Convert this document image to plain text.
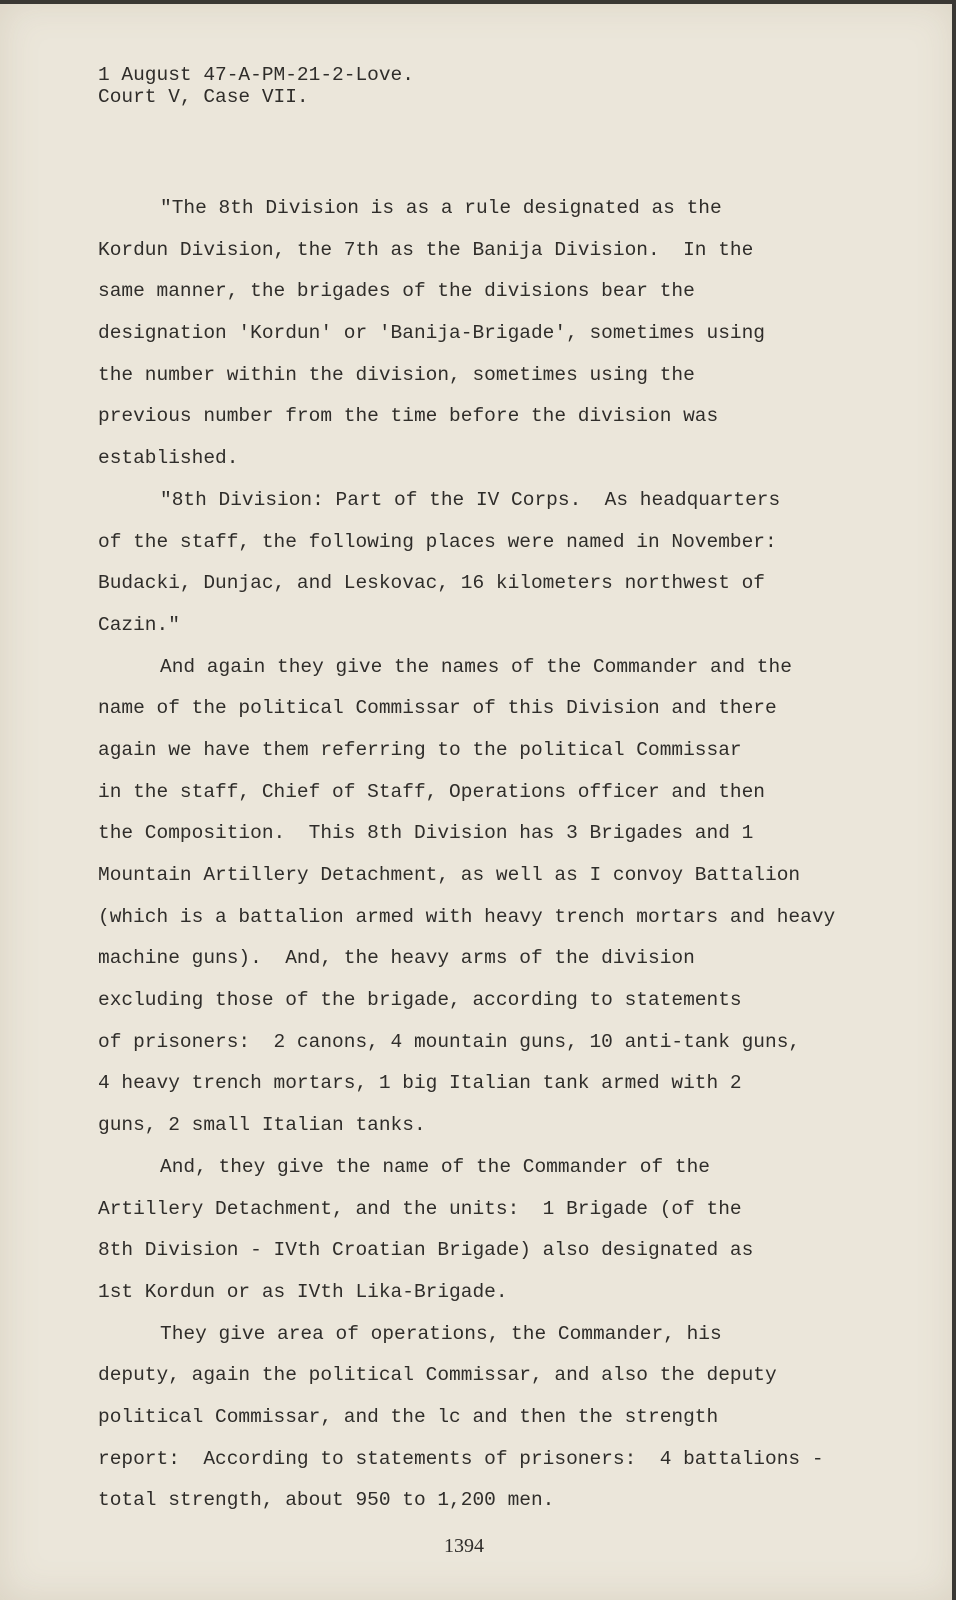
1 August 47-A-PM-21-2-Love.
Court V, Case VII.
"The 8th Division is as a rule designated as the
Kordun Division, the 7th as the Banija Division.  In the
same manner, the brigades of the divisions bear the
designation 'Kordun' or 'Banija-Brigade', sometimes using
the number within the division, sometimes using the
previous number from the time before the division was
established.
"8th Division: Part of the IV Corps.  As headquarters
of the staff, the following places were named in November:
Budacki, Dunjac, and Leskovac, 16 kilometers northwest of
Cazin."
And again they give the names of the Commander and the
name of the political Commissar of this Division and there
again we have them referring to the political Commissar
in the staff, Chief of Staff, Operations officer and then
the Composition.  This 8th Division has 3 Brigades and 1
Mountain Artillery Detachment, as well as I convoy Battalion
(which is a battalion armed with heavy trench mortars and heavy
machine guns).  And, the heavy arms of the division
excluding those of the brigade, according to statements
of prisoners:  2 canons, 4 mountain guns, 10 anti-tank guns,
4 heavy trench mortars, 1 big Italian tank armed with 2
guns, 2 small Italian tanks.
And, they give the name of the Commander of the
Artillery Detachment, and the units:  1 Brigade (of the
8th Division - IVth Croatian Brigade) also designated as
1st Kordun or as IVth Lika-Brigade.
They give area of operations, the Commander, his
deputy, again the political Commissar, and also the deputy
political Commissar, and the lc and then the strength
report:  According to statements of prisoners:  4 battalions -
total strength, about 950 to 1,200 men.
1394
